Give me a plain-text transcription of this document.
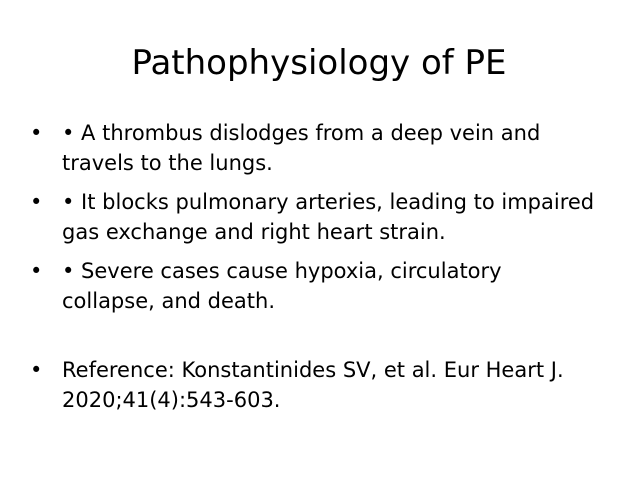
Pathophysiology of PE
• • A thrombus dislodges from a deep vein and travels to the lungs.
• • It blocks pulmonary arteries, leading to impaired gas exchange and right heart strain.
• • Severe cases cause hypoxia, circulatory collapse, and death.
• Reference: Konstantinides SV, et al. Eur Heart J. 2020;41(4):543-603.
